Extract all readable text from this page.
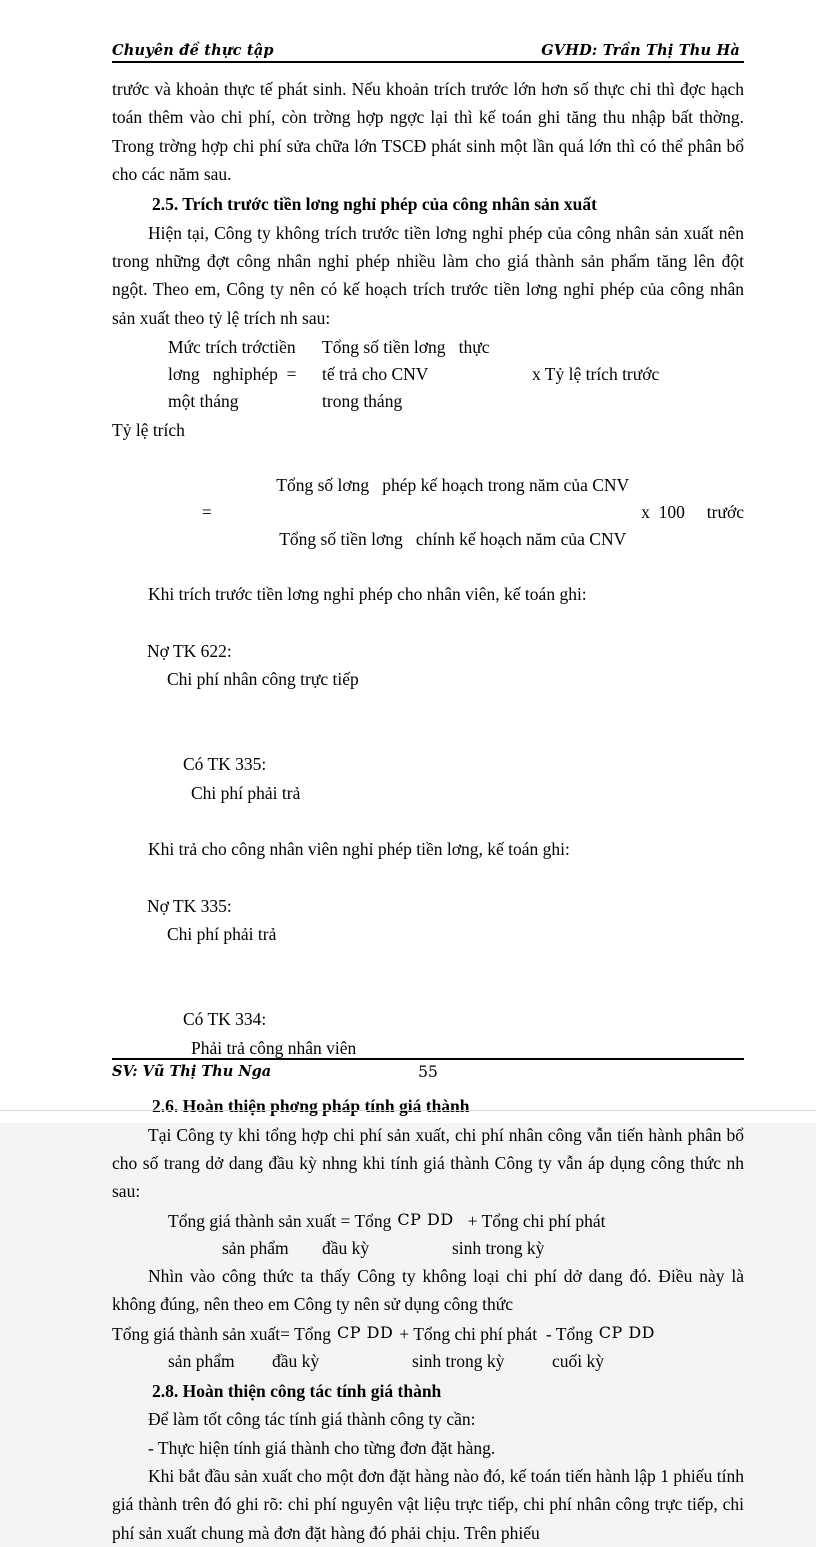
Chuyên đề thực tập	GVHD: Trần Thị Thu Hà

trước và khoản thực tế phát sinh. Nếu khoản trích trước lớn hơn số thực chi thì đợc hạch toán thêm vào chi phí, còn trờng hợp ngợc lại thì kế toán ghi tăng thu nhập bất thờng. Trong trờng hợp chi phí sửa chữa lớn TSCĐ phát sinh một lần quá lớn thì có thể phân bổ cho các năm sau.

2.5. Trích trước tiền lơng nghỉ phép của công nhân sản xuất

Hiện tại, Công ty không trích trước tiền lơng nghỉ phép của công nhân sản xuất nên trong những đợt công nhân nghỉ phép nhiều làm cho giá thành sản phẩm tăng lên đột ngột. Theo em, Công ty nên có kế hoạch trích trước tiền lơng nghỉ phép của công nhân sản xuất theo tỷ lệ trích nh sau:

Mức trích trớctiền	Tổng số tiền lơng   thực
lơng   nghỉphép  =	tế trả cho CNV	x Tỷ lệ trích trước
một tháng	trong tháng
Tỷ lệ trích
=

Tổng số lơng   phép kế hoạch trong năm của CNV

Tổng số tiền lơng   chính kế hoạch năm của CNV

x  100     trước

Khi trích trước tiền lơng nghỉ phép cho nhân viên, kế toán ghi:

Nợ TK 622:
Chi phí nhân công trực tiếp

Có TK 335:
Chi phí phải trả

Khi trả cho công nhân viên nghỉ phép tiền lơng, kế toán ghi:

Nợ TK 335:
Chi phí phải trả

Có TK 334:
Phải trả công nhân viên

2.6. Hoàn thiện phơng pháp tính giá thành

Tại Công ty khi tổng hợp chi phí sản xuất, chi phí nhân công vẫn tiến hành phân bổ cho số trang dở dang đầu kỳ nhng khi tính giá thành Công ty vẫn áp dụng công thức nh sau:

Tổng giá thành sản xuất = Tổng CP DD + Tổng chi phí phát
sản phẩm	đầu kỳ	sinh trong kỳ

Nhìn vào công thức ta thấy Công ty không loại chi phí dở dang đó. Điều này là không đúng, nên theo em Công ty nên sử dụng công thức

Tổng giá thành sản xuất= Tổng CP DD + Tổng chi phí phát  - Tổng CP DD
sản phẩm	đầu kỳ	sinh trong kỳ	cuối kỳ

2.8. Hoàn thiện công tác tính giá thành

Để làm tốt công tác tính giá thành công ty cần:

- Thực hiện tính giá thành cho từng đơn đặt hàng.

Khi bắt đầu sản xuất cho một đơn đặt hàng nào đó, kế toán tiến hành lập 1 phiếu tính giá thành trên đó ghi rõ: chi phí nguyên vật liệu trực tiếp, chi phí nhân công trực tiếp, chi phí sản xuất chung mà đơn đặt hàng đó phải chịu. Trên phiếu

SV: Vũ Thị Thu Nga	55
